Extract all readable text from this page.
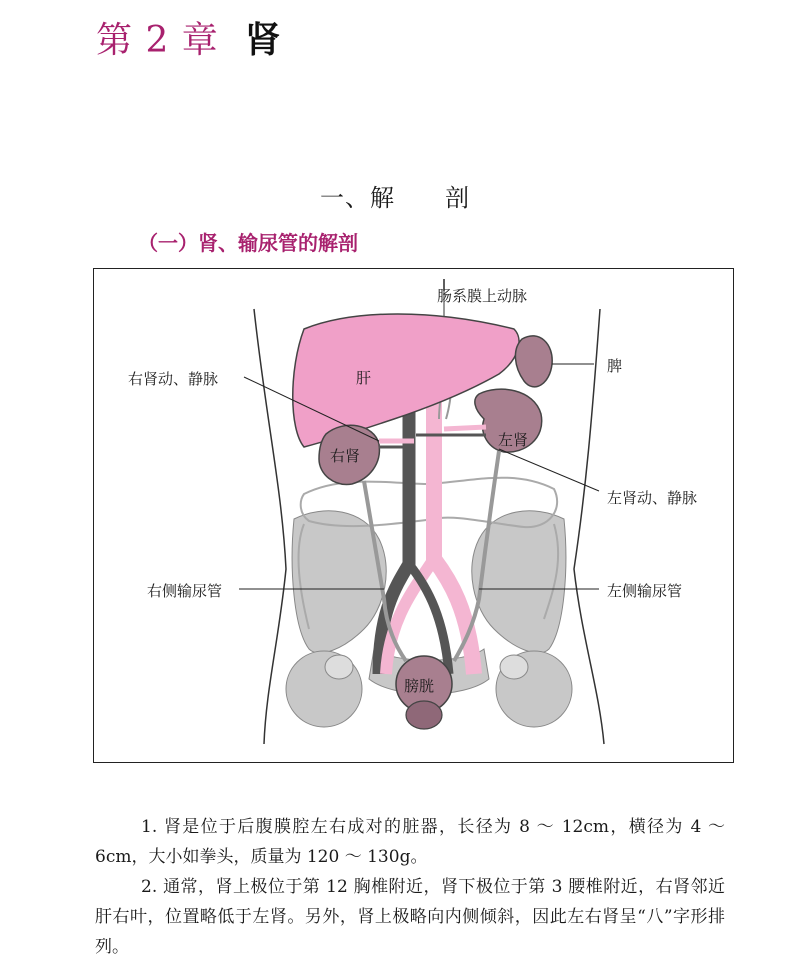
第 2 章 肾
一、解 剖
（一）肾、输尿管的解剖
肠系膜上动脉
右肾动、静脉
脾
肝
右肾
左肾
左肾动、静脉
右侧输尿管	左侧输尿管
膀胱
1. 肾是位于后腹膜腔左右成对的脏器，长径为 8 ～ 12cm，横径为 4 ～ 6cm，大小如拳头，质量为 120 ～ 130g。
2. 通常，肾上极位于第 12 胸椎附近，肾下极位于第 3 腰椎附近，右肾邻近肝右叶，位置略低于左肾。另外，肾上极略向内侧倾斜，因此左右肾呈“八”字形排列。
